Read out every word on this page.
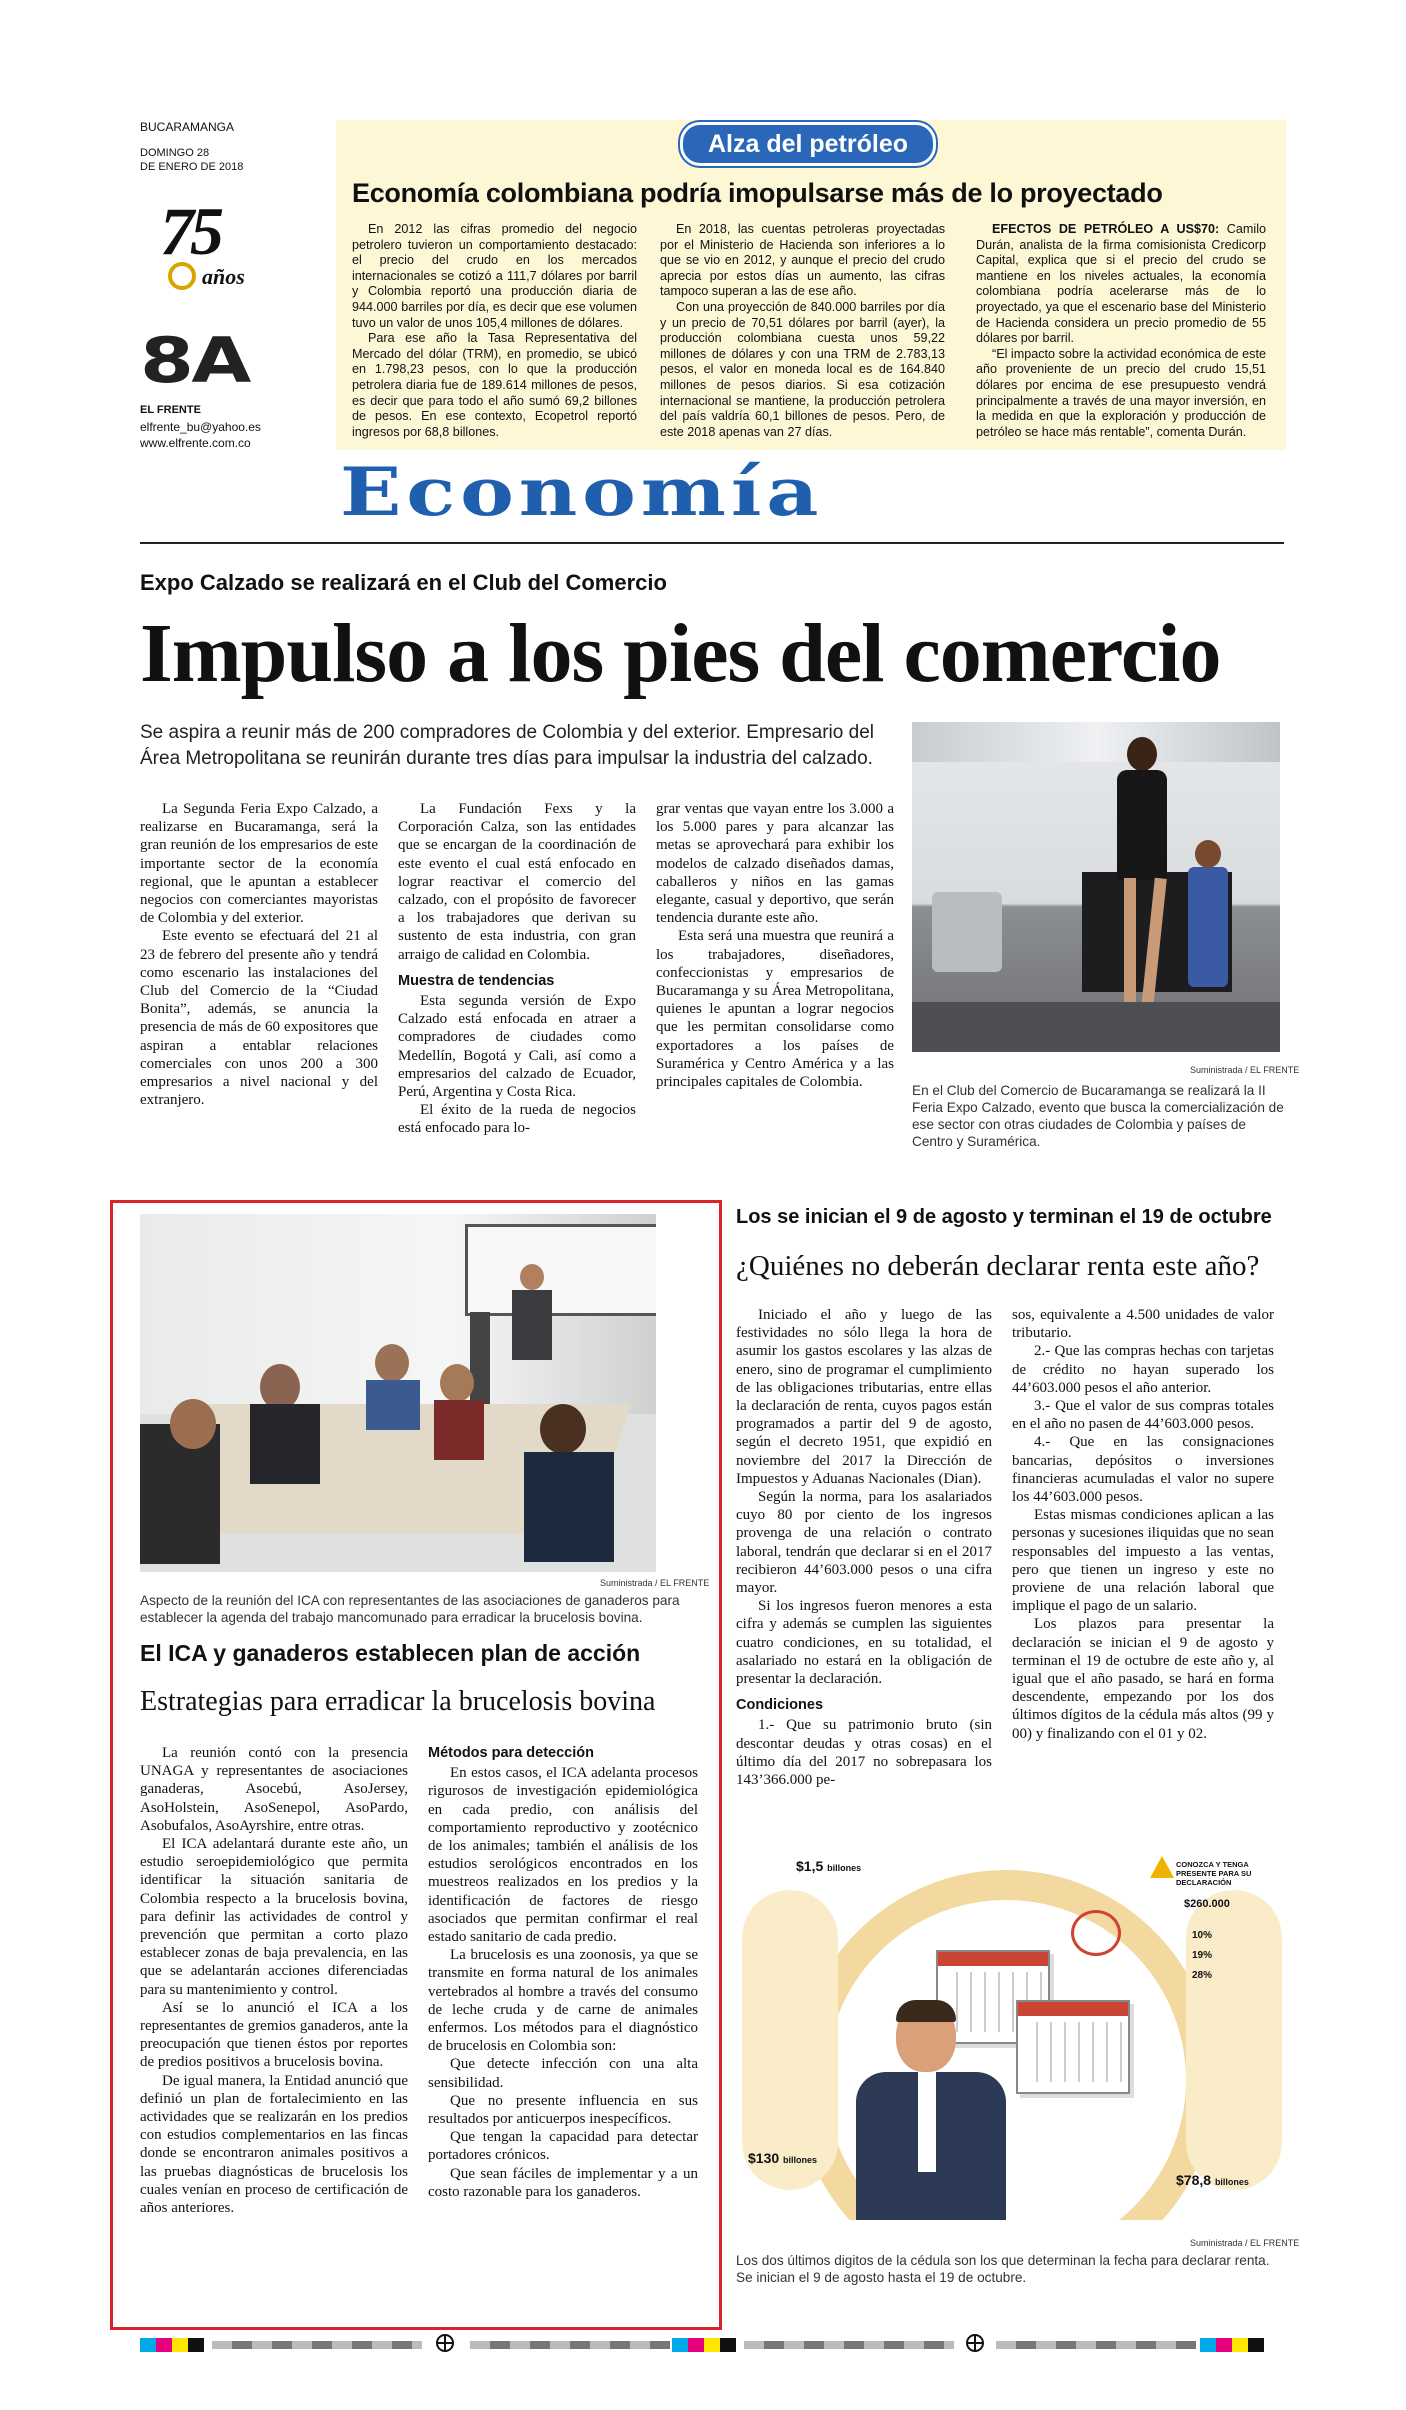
BUCARAMANGA
DOMINGO 28
DE ENERO DE 2018
75
años
8A
EL FRENTE
elfrente_bu@yahoo.es
www.elfrente.com.co
Alza del petróleo
Economía colombiana podría imopulsarse más de lo proyectado

En 2012 las cifras promedio del negocio petrolero tuvieron un comportamiento destacado: el precio del crudo en los mercados internacionales se cotizó a 111,7 dólares por barril y Colombia reportó una producción diaria de 944.000 barriles por día, es decir que ese volumen tuvo un valor de unos 105,4 millones de dólares.

Para ese año la Tasa Representativa del Mercado del dólar (TRM), en promedio, se ubicó en 1.798,23 pesos, con lo que la producción petrolera diaria fue de 189.614 millones de pesos, es decir que para todo el año sumó 69,2 billones de pesos. En ese contexto, Ecopetrol reportó ingresos por 68,8 billones.

En 2018, las cuentas petroleras proyectadas por el Ministerio de Hacienda son inferiores a lo que se vio en 2012, y aunque el precio del crudo aprecia por estos días un aumento, las cifras tampoco superan a las de ese año.

Con una proyección de 840.000 barriles por día y un precio de 70,51 dólares por barril (ayer), la producción colombiana cuesta unos 59,22 millones de dólares y con una TRM de 2.783,13 pesos, el valor en moneda local es de 164.840 millones de pesos diarios. Si esa cotización internacional se mantiene, la producción petrolera del país valdría 60,1 billones de pesos. Pero, de este 2018 apenas van 27 días.

EFECTOS DE PETRÓLEO A US$70: Camilo Durán, analista de la firma comisionista Credicorp Capital, explica que si el precio del crudo se mantiene en los niveles actuales, la economía colombiana podría acelerarse más de lo proyectado, ya que el escenario base del Ministerio de Hacienda considera un precio promedio de 55 dólares por barril.

“El impacto sobre la actividad económica de este año proveniente de un precio del crudo 15,51 dólares por encima de ese presupuesto vendrá principalmente a través de una mayor inversión, en la medida en que la exploración y producción de petróleo se hace más rentable”, comenta Durán.

Economía
Expo Calzado se realizará en el Club del Comercio
Impulso a los pies del comercio
Se aspira a reunir más de 200 compradores de Colombia y del exterior. Empresario del Área Metropolitana se reunirán durante tres días para impulsar la industria del calzado.

La Segunda Feria Expo Calzado, a realizarse en Bucaramanga, será la gran reunión de los empresarios de este importante sector de la economía regional, que le apuntan a establecer negocios con comerciantes mayoristas de Colombia y del exterior.

Este evento se efectuará del 21 al 23 de febrero del presente año y tendrá como escenario las instalaciones del Club del Comercio de la “Ciudad Bonita”, además, se anuncia la presencia de más de 60 expositores que aspiran a entablar relaciones comerciales con unos 200 a 300 empresarios a nivel nacional y del extranjero.

La Fundación Fexs y la Corporación Calza, son las entidades que se encargan de la coordinación de este evento el cual está enfocado en lograr reactivar el comercio del calzado, con el propósito de favorecer a los trabajadores que derivan su sustento de esta industria, con gran arraigo de calidad en Colombia.

Muestra de tendencias

Esta segunda versión de Expo Calzado está enfocada en atraer a compradores de ciudades como Medellín, Bogotá y Cali, así como a empresarios del calzado de Ecuador, Perú, Argentina y Costa Rica.

El éxito de la rueda de negocios está enfocado para lo-

grar ventas que vayan entre los 3.000 a los 5.000 pares y para alcanzar las metas se aprovechará para exhibir los modelos de calzado diseñados damas, caballeros y niños en las gamas elegante, casual y deportivo, que serán tendencia durante este año.

Esta será una muestra que reunirá a los trabajadores, diseñadores, confeccionistas y empresarios de Bucaramanga y su Área Metropolitana, quienes le apuntan a lograr negocios que les permitan consolidarse como exportadores a los países de Suramérica y Centro América y a las principales capitales de Colombia.

Suministrada / EL FRENTE
En el Club del Comercio de Bucaramanga se realizará la II Feria Expo Calzado, evento que busca la comercialización de ese sector con otras ciudades de Colombia y países de Centro y Suramérica.
Suministrada / EL FRENTE
Aspecto de la reunión del ICA con representantes de las asociaciones de ganaderos para establecer la agenda del trabajo mancomunado para erradicar la brucelosis bovina.
El ICA y ganaderos establecen plan de acción
Estrategias para erradicar la brucelosis bovina

La reunión contó con la presencia UNAGA y representantes de asociaciones ganaderas, Asocebú, AsoJersey, AsoHolstein, AsoSenepol, AsoPardo, Asobufalos, AsoAyrshire, entre otras.

El ICA adelantará durante este año, un estudio seroepidemiológico que permita identificar la situación sanitaria de Colombia respecto a la brucelosis bovina, para definir las actividades de control y prevención que permitan a corto plazo establecer zonas de baja prevalencia, en las que se adelantarán acciones diferenciadas para su mantenimiento y control.

Así se lo anunció el ICA a los representantes de gremios ganaderos, ante la preocupación que tienen éstos por reportes de predios positivos a brucelosis bovina.

De igual manera, la Entidad anunció que definió un plan de fortalecimiento en las actividades que se realizarán en los predios con estudios complementarios en las fincas donde se encontraron animales positivos a las pruebas diagnósticas de brucelosis los cuales venían en proceso de certificación de años anteriores.

Métodos para detección

En estos casos, el ICA adelanta procesos rigurosos de investigación epidemiológica en cada predio, con análisis del comportamiento reproductivo y zootécnico de los animales; también el análisis de los estudios serológicos encontrados en los muestreos realizados en los predios y la identificación de factores de riesgo asociados que permitan confirmar el real estado sanitario de cada predio.

La brucelosis es una zoonosis, ya que se transmite en forma natural de los animales vertebrados al hombre a través del consumo de leche cruda y de carne de animales enfermos. Los métodos para el diagnóstico de brucelosis en Colombia son:

Que detecte infección con una alta sensibilidad.

Que no presente influencia en sus resultados por anticuerpos inespecíficos.

Que tengan la capacidad para detectar portadores crónicos.

Que sean fáciles de implementar y a un costo razonable para los ganaderos.

Los se inician el 9 de agosto y terminan el 19 de octubre
¿Quiénes no deberán declarar renta este año?

Iniciado el año y luego de las festividades no sólo llega la hora de asumir los gastos escolares y las alzas de enero, sino de programar el cumplimiento de las obligaciones tributarias, entre ellas la declaración de renta, cuyos pagos están programados a partir del 9 de agosto, según el decreto 1951, que expidió en noviembre del 2017 la Dirección de Impuestos y Aduanas Nacionales (Dian).

Según la norma, para los asalariados cuyo 80 por ciento de los ingresos provenga de una relación o contrato laboral, tendrán que declarar si en el 2017 recibieron 44’603.000 pesos o una cifra mayor.

Si los ingresos fueron menores a esta cifra y además se cumplen las siguientes cuatro condiciones, en su totalidad, el asalariado no estará en la obligación de presentar la declaración.

Condiciones

1.- Que su patrimonio bruto (sin descontar deudas y otras cosas) en el último día del 2017 no sobrepasara los 143’366.000 pe-

sos, equivalente a 4.500 unidades de valor tributario.

2.- Que las compras hechas con tarjetas de crédito no hayan superado los 44’603.000 pesos el año anterior.

3.- Que el valor de sus compras totales en el año no pasen de 44’603.000 pesos.

4.- Que en las consignaciones bancarias, depósitos o inversiones financieras acumuladas el valor no supere los 44’603.000 pesos.

Estas mismas condiciones aplican a las personas y sucesiones iliquidas que no sean responsables del impuesto a las ventas, pero que tienen un ingreso y este no proviene de una relación laboral que implique el pago de un salario.

Los plazos para presentar la declaración se inician el 9 de agosto y terminan el 19 de octubre de este año y, al igual que el año pasado, se hará en forma descendente, empezando por los dos últimos dígitos de la cédula más altos (99 y 00) y finalizando con el 01 y 02.

$1,5 billones	CONOZCA Y TENGA PRESENTE PARA SU DECLARACIÓN
$260.000
10%
19%
28%
$130 billones
$78,8 billones
Suministrada / EL FRENTE
Los dos últimos digitos de la cédula son los que determinan la fecha para declarar renta. Se inician el 9 de agosto hasta el 19 de octubre.
